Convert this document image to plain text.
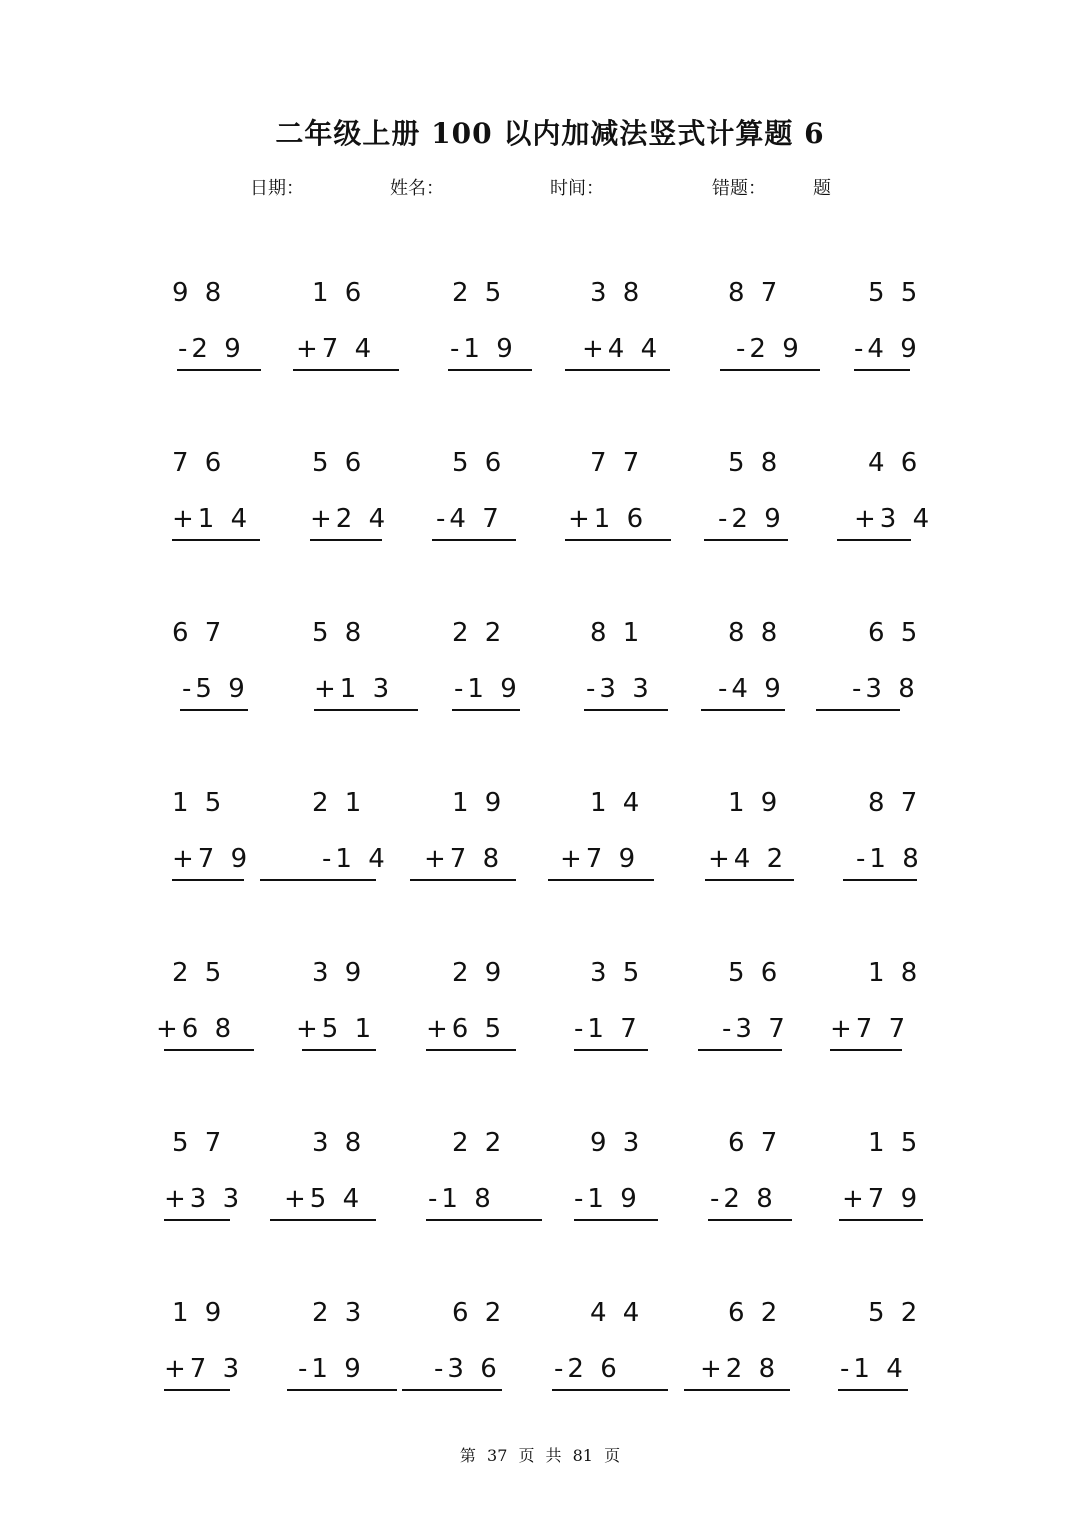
二年级上册 100 以内加减法竖式计算题 6
日期：	姓名：	时间：	错题：	题
9 8
-2 9
1 6
+7 4
2 5
-1 9
3 8
+4 4
8 7
-2 9
5 5
-4 9
7 6
+1 4
5 6
+2 4
5 6
-4 7
7 7
+1 6
5 8
-2 9
4 6
+3 4
6 7
-5 9
5 8
+1 3
2 2
-1 9
8 1
-3 3
8 8
-4 9
6 5
-3 8
1 5
+7 9
2 1
-1 4
1 9
+7 8
1 4
+7 9
1 9
+4 2
8 7
-1 8
2 5
+6 8
3 9
+5 1
2 9
+6 5
3 5
-1 7
5 6
-3 7
1 8
+7 7
5 7
+3 3
3 8
+5 4
2 2
-1 8
9 3
-1 9
6 7
-2 8
1 5
+7 9
1 9
+7 3
2 3
-1 9
6 2
-3 6
4 4
-2 6
6 2
+2 8
5 2
-1 4
第 37 页 共 81 页
